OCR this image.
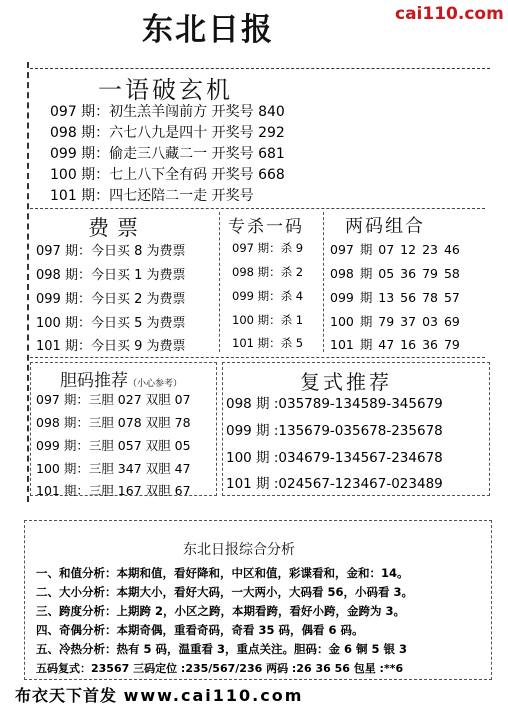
东北日报	cai110.com
一语破玄机
097 期：初生羔羊闯前方 开奖号 840
098 期：六七八九是四十 开奖号 292
099 期：偷走三八藏二一 开奖号 681
100 期：七上八下全有码 开奖号 668
101 期：四七还陪二一走 开奖号
费票
097 期：今日买 8 为费票
098 期：今日买 1 为费票
099 期：今日买 2 为费票
100 期：今日买 5 为费票
101 期：今日买 9 为费票
专杀一码
097 期：杀 9
098 期：杀 2
099 期：杀 4
100 期：杀 1
101 期：杀 5
两码组合
097 期 07 12 23 46
098 期 05 36 79 58
099 期 13 56 78 57
100 期 79 37 03 69
101 期 47 16 36 79
胆码推荐（小心参考）
097 期：三胆 027 双胆 07
098 期：三胆 078 双胆 78
099 期：三胆 057 双胆 05
100 期：三胆 347 双胆 47
101 期：三胆 167 双胆 67
复式推荐
098 期 :035789-134589-345679
099 期 :135679-035678-235678
100 期 :034679-134567-234678
101 期 :024567-123467-023489
东北日报综合分析
一、和值分析：本期和值，看好降和，中区和值，彩谍看和，金和：14。
二、大小分析：本期大小，看好大码，一大两小，大码看 56，小码看 3。
三、跨度分析：上期跨 2，小区之跨，本期看跨，看好小跨，金跨为 3。
四、奇偶分析：本期奇偶，重看奇码，奇看 35 码，偶看 6 码。
五、冷热分析：热有 5 码，温重看 3，重点关注。胆码：金 6 铜 5 银 3
五码复式：23567 三码定位 :235/567/236 两码 :26 36 56 包星 :**6
布衣天下首发 www.cai110.com
